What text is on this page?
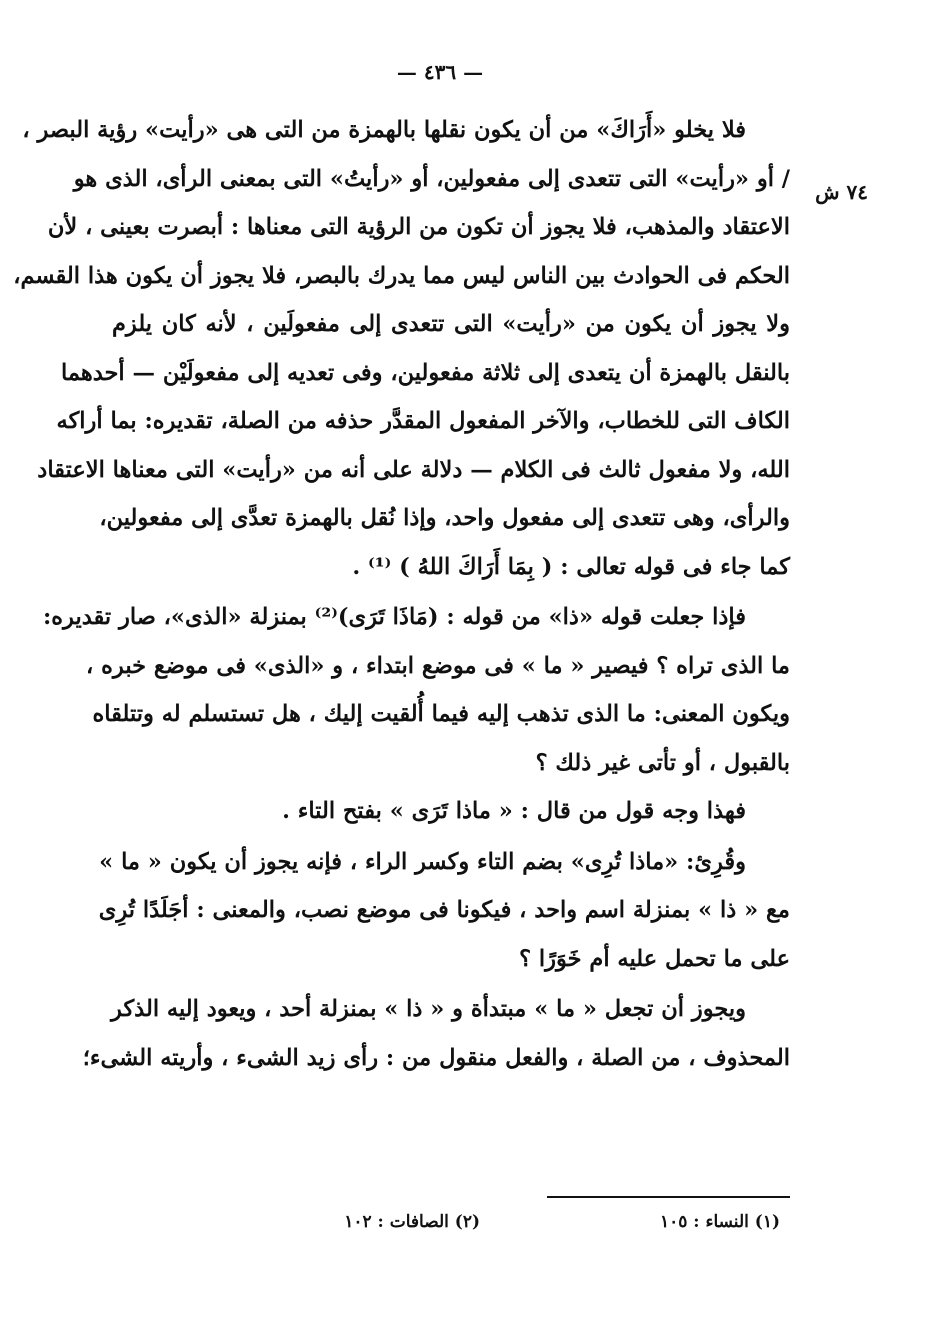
— ٤٣٦ —
٧٤ ش
فلا يخلو «أَرَاكَ» من أن يكون نقلها بالهمزة من التى هى «رأيت» رؤية البصر ،
/ أو «رأيت» التى تتعدى إلى مفعولين، أو «رأيتُ» التى بمعنى الرأى، الذى هو
الاعتقاد والمذهب، فلا يجوز أن تكون من الرؤية التى معناها : أبصرت بعينى ، لأن
الحكم فى الحوادث بين الناس ليس مما يدرك بالبصر، فلا يجوز أن يكون هذا القسم،
ولا يجوز أن يكون من «رأيت» التى تتعدى إلى مفعولَين ، لأنه كان يلزم
بالنقل بالهمزة أن يتعدى إلى ثلاثة مفعولين، وفى تعديه إلى مفعولَيْن — أحدهما
الكاف التى للخطاب، والآخر المفعول المقدَّر حذفه من الصلة، تقديره: بما أراكه
الله، ولا مفعول ثالث فى الكلام — دلالة على أنه من «رأيت» التى معناها الاعتقاد
والرأى، وهى تتعدى إلى مفعول واحد، وإذا نُقل بالهمزة تعدَّى إلى مفعولين،
كما جاء فى قوله تعالى : ( بِمَا أَرَاكَ اللهُ ) ⁽¹⁾ .
فإذا جعلت قوله «ذا» من قوله : (مَاذَا تَرَى)⁽²⁾ بمنزلة «الذى»، صار تقديره:
ما الذى تراه ؟ فيصير « ما » فى موضع ابتداء ، و «الذى» فى موضع خبره ،
ويكون المعنى: ما الذى تذهب إليه فيما أُلقيت إليك ، هل تستسلم له وتتلقاه
بالقبول ، أو تأتى غير ذلك ؟
فهذا وجه قول من قال : « ماذا تَرَى » بفتح التاء .
وقُرِئ: «ماذا تُرِى» بضم التاء وكسر الراء ، فإنه يجوز أن يكون « ما »
مع « ذا » بمنزلة اسم واحد ، فيكونا فى موضع نصب، والمعنى : أجَلَدًا تُرِى
على ما تحمل عليه أم خَوَرًا ؟
ويجوز أن تجعل « ما » مبتدأة و « ذا » بمنزلة أحد ، ويعود إليه الذكر
المحذوف ، من الصلة ، والفعل منقول من : رأى زيد الشىء ، وأريته الشىء؛
(١) النساء : ١٠٥
(٢) الصافات : ١٠٢
